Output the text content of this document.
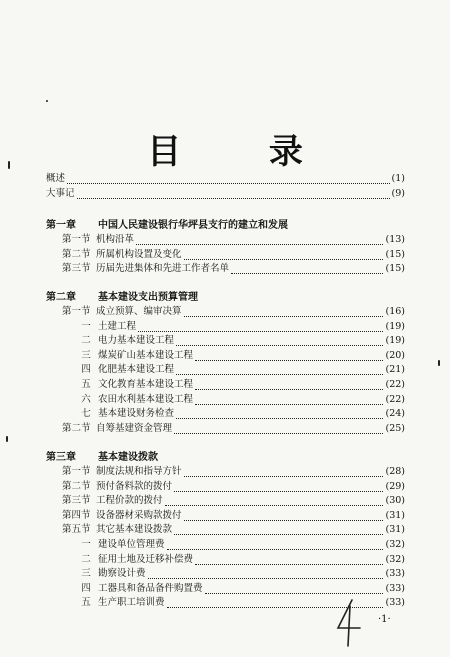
目 录
概述	(1)
大事记	(9)
第一章 中国人民建设银行华坪县支行的建立和发展
第一节 机构沿革	(13)
第二节 所属机构设置及变化	(15)
第三节 历届先进集体和先进工作者名单	(15)
第二章 基本建设支出预算管理
第一节 成立预算、编审决算	(16)
一 土建工程	(19)
二 电力基本建设工程	(19)
三 煤炭矿山基本建设工程	(20)
四 化肥基本建设工程	(21)
五 文化教育基本建设工程	(22)
六 农田水利基本建设工程	(22)
七 基本建设财务检查	(24)
第二节 自筹基建资金管理	(25)
第三章 基本建设拨款
第一节 制度法规和指导方针	(28)
第二节 预付备料款的拨付	(29)
第三节 工程价款的拨付	(30)
第四节 设备器材采购款拨付	(31)
第五节 其它基本建设拨款	(31)
一 建设单位管理费	(32)
二 征用土地及迁移补偿费	(32)
三 勘察设计费	(33)
四 工器具和备品备件购置费	(33)
五 生产职工培训费	(33)
·1·
